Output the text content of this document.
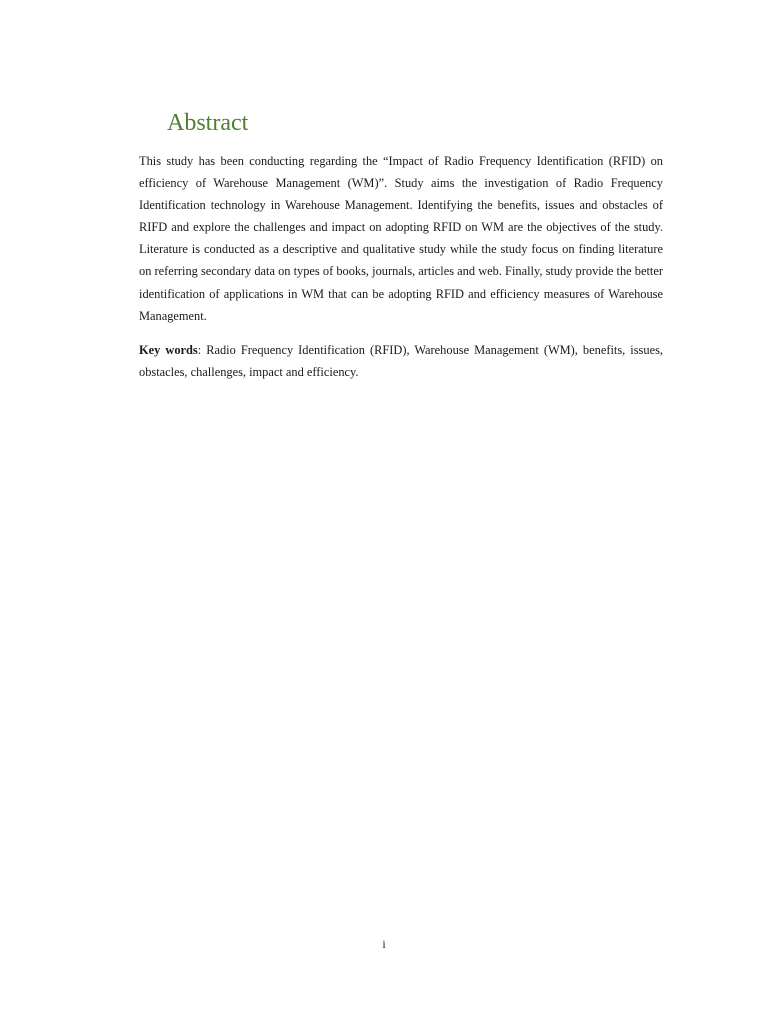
Abstract

This study has been conducting regarding the “Impact of Radio Frequency Identification (RFID) on efficiency of Warehouse Management (WM)”. Study aims the investigation of Radio Frequency Identification technology in Warehouse Management. Identifying the benefits, issues and obstacles of RIFD and explore the challenges and impact on adopting RFID on WM are the objectives of the study. Literature is conducted as a descriptive and qualitative study while the study focus on finding literature on referring secondary data on types of books, journals, articles and web. Finally, study provide the better identification of applications in WM that can be adopting RFID and efficiency measures of Warehouse Management.

Key words: Radio Frequency Identification (RFID), Warehouse Management (WM), benefits, issues, obstacles, challenges, impact and efficiency.

i
